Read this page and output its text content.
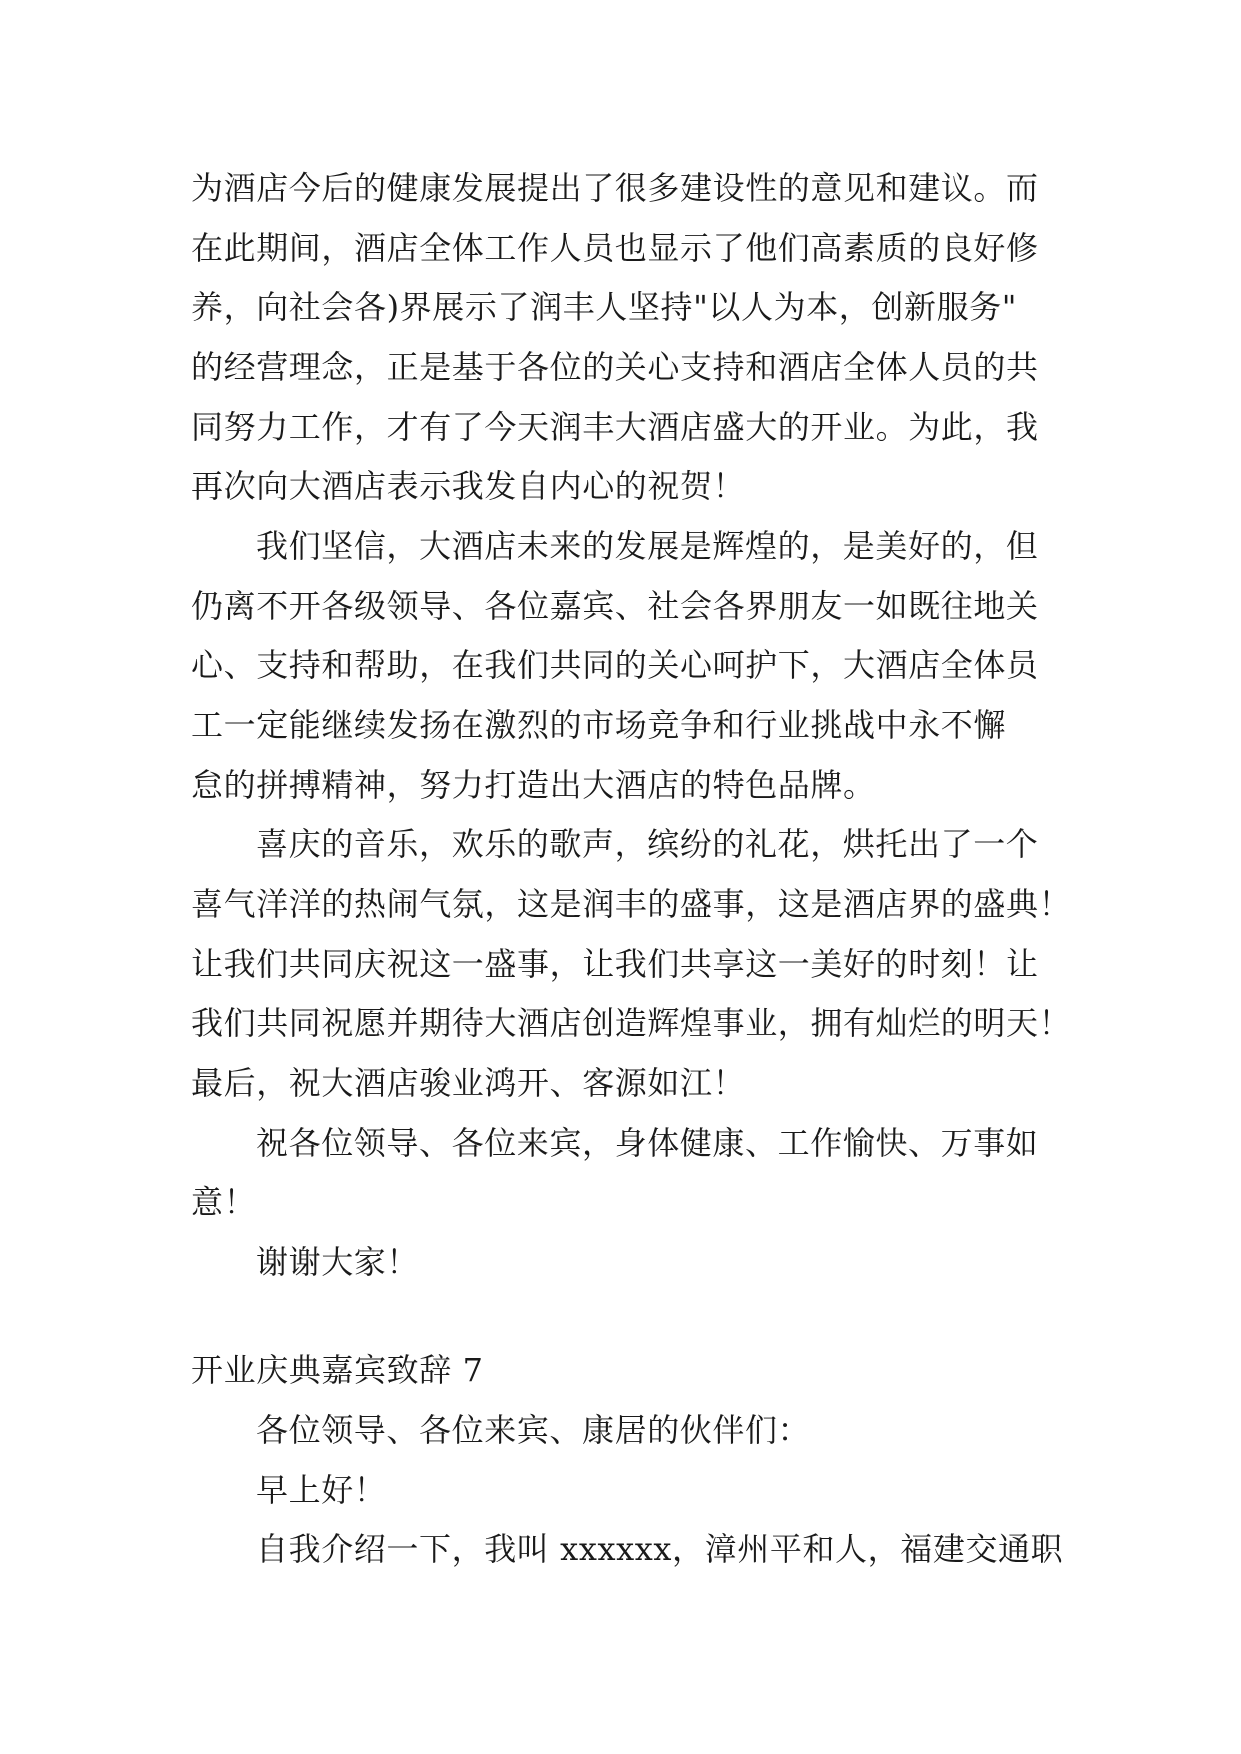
为酒店今后的健康发展提出了很多建设性的意见和建议。而
在此期间，酒店全体工作人员也显示了他们高素质的良好修
养，向社会各)界展示了润丰人坚持"以人为本，创新服务"
的经营理念，正是基于各位的关心支持和酒店全体人员的共
同努力工作，才有了今天润丰大酒店盛大的开业。为此，我
再次向大酒店表示我发自内心的祝贺！
我们坚信，大酒店未来的发展是辉煌的，是美好的，但
仍离不开各级领导、各位嘉宾、社会各界朋友一如既往地关
心、支持和帮助，在我们共同的关心呵护下，大酒店全体员
工一定能继续发扬在激烈的市场竞争和行业挑战中永不懈
怠的拼搏精神，努力打造出大酒店的特色品牌。
喜庆的音乐，欢乐的歌声，缤纷的礼花，烘托出了一个
喜气洋洋的热闹气氛，这是润丰的盛事，这是酒店界的盛典！
让我们共同庆祝这一盛事，让我们共享这一美好的时刻！让
我们共同祝愿并期待大酒店创造辉煌事业，拥有灿烂的明天！
最后，祝大酒店骏业鸿开、客源如江！
祝各位领导、各位来宾，身体健康、工作愉快、万事如
意！
谢谢大家！
开业庆典嘉宾致辞 7
各位领导、各位来宾、康居的伙伴们：
早上好！
自我介绍一下，我叫 xxxxxx，漳州平和人，福建交通职
